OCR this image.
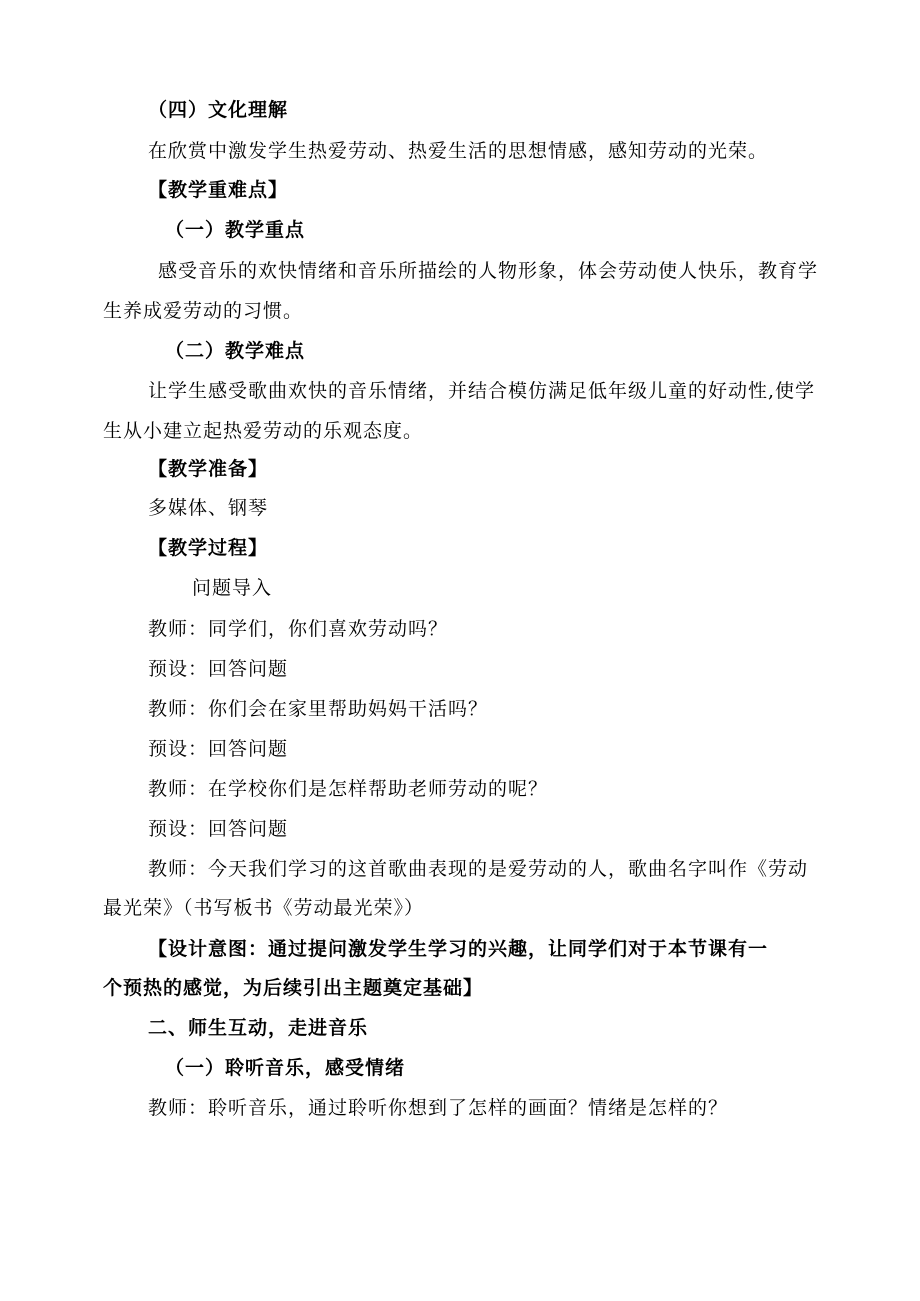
（四）文化理解
在欣赏中激发学生热爱劳动、热爱生活的思想情感，感知劳动的光荣。
【教学重难点】
（一）教学重点
感受音乐的欢快情绪和音乐所描绘的人物形象，体会劳动使人快乐，教育学
生养成爱劳动的习惯。
（二）教学难点
让学生感受歌曲欢快的音乐情绪，并结合模仿满足低年级儿童的好动性,使学
生从小建立起热爱劳动的乐观态度。
【教学准备】
多媒体、钢琴
【教学过程】
问题导入
教师：同学们，你们喜欢劳动吗？
预设：回答问题
教师：你们会在家里帮助妈妈干活吗？
预设：回答问题
教师：在学校你们是怎样帮助老师劳动的呢？
预设：回答问题
教师：今天我们学习的这首歌曲表现的是爱劳动的人，歌曲名字叫作《劳动
最光荣》（书写板书《劳动最光荣》）
【设计意图：通过提问激发学生学习的兴趣，让同学们对于本节课有一
个预热的感觉，为后续引出主题奠定基础】
二、师生互动，走进音乐
（一）聆听音乐，感受情绪
教师：聆听音乐，通过聆听你想到了怎样的画面？情绪是怎样的？
